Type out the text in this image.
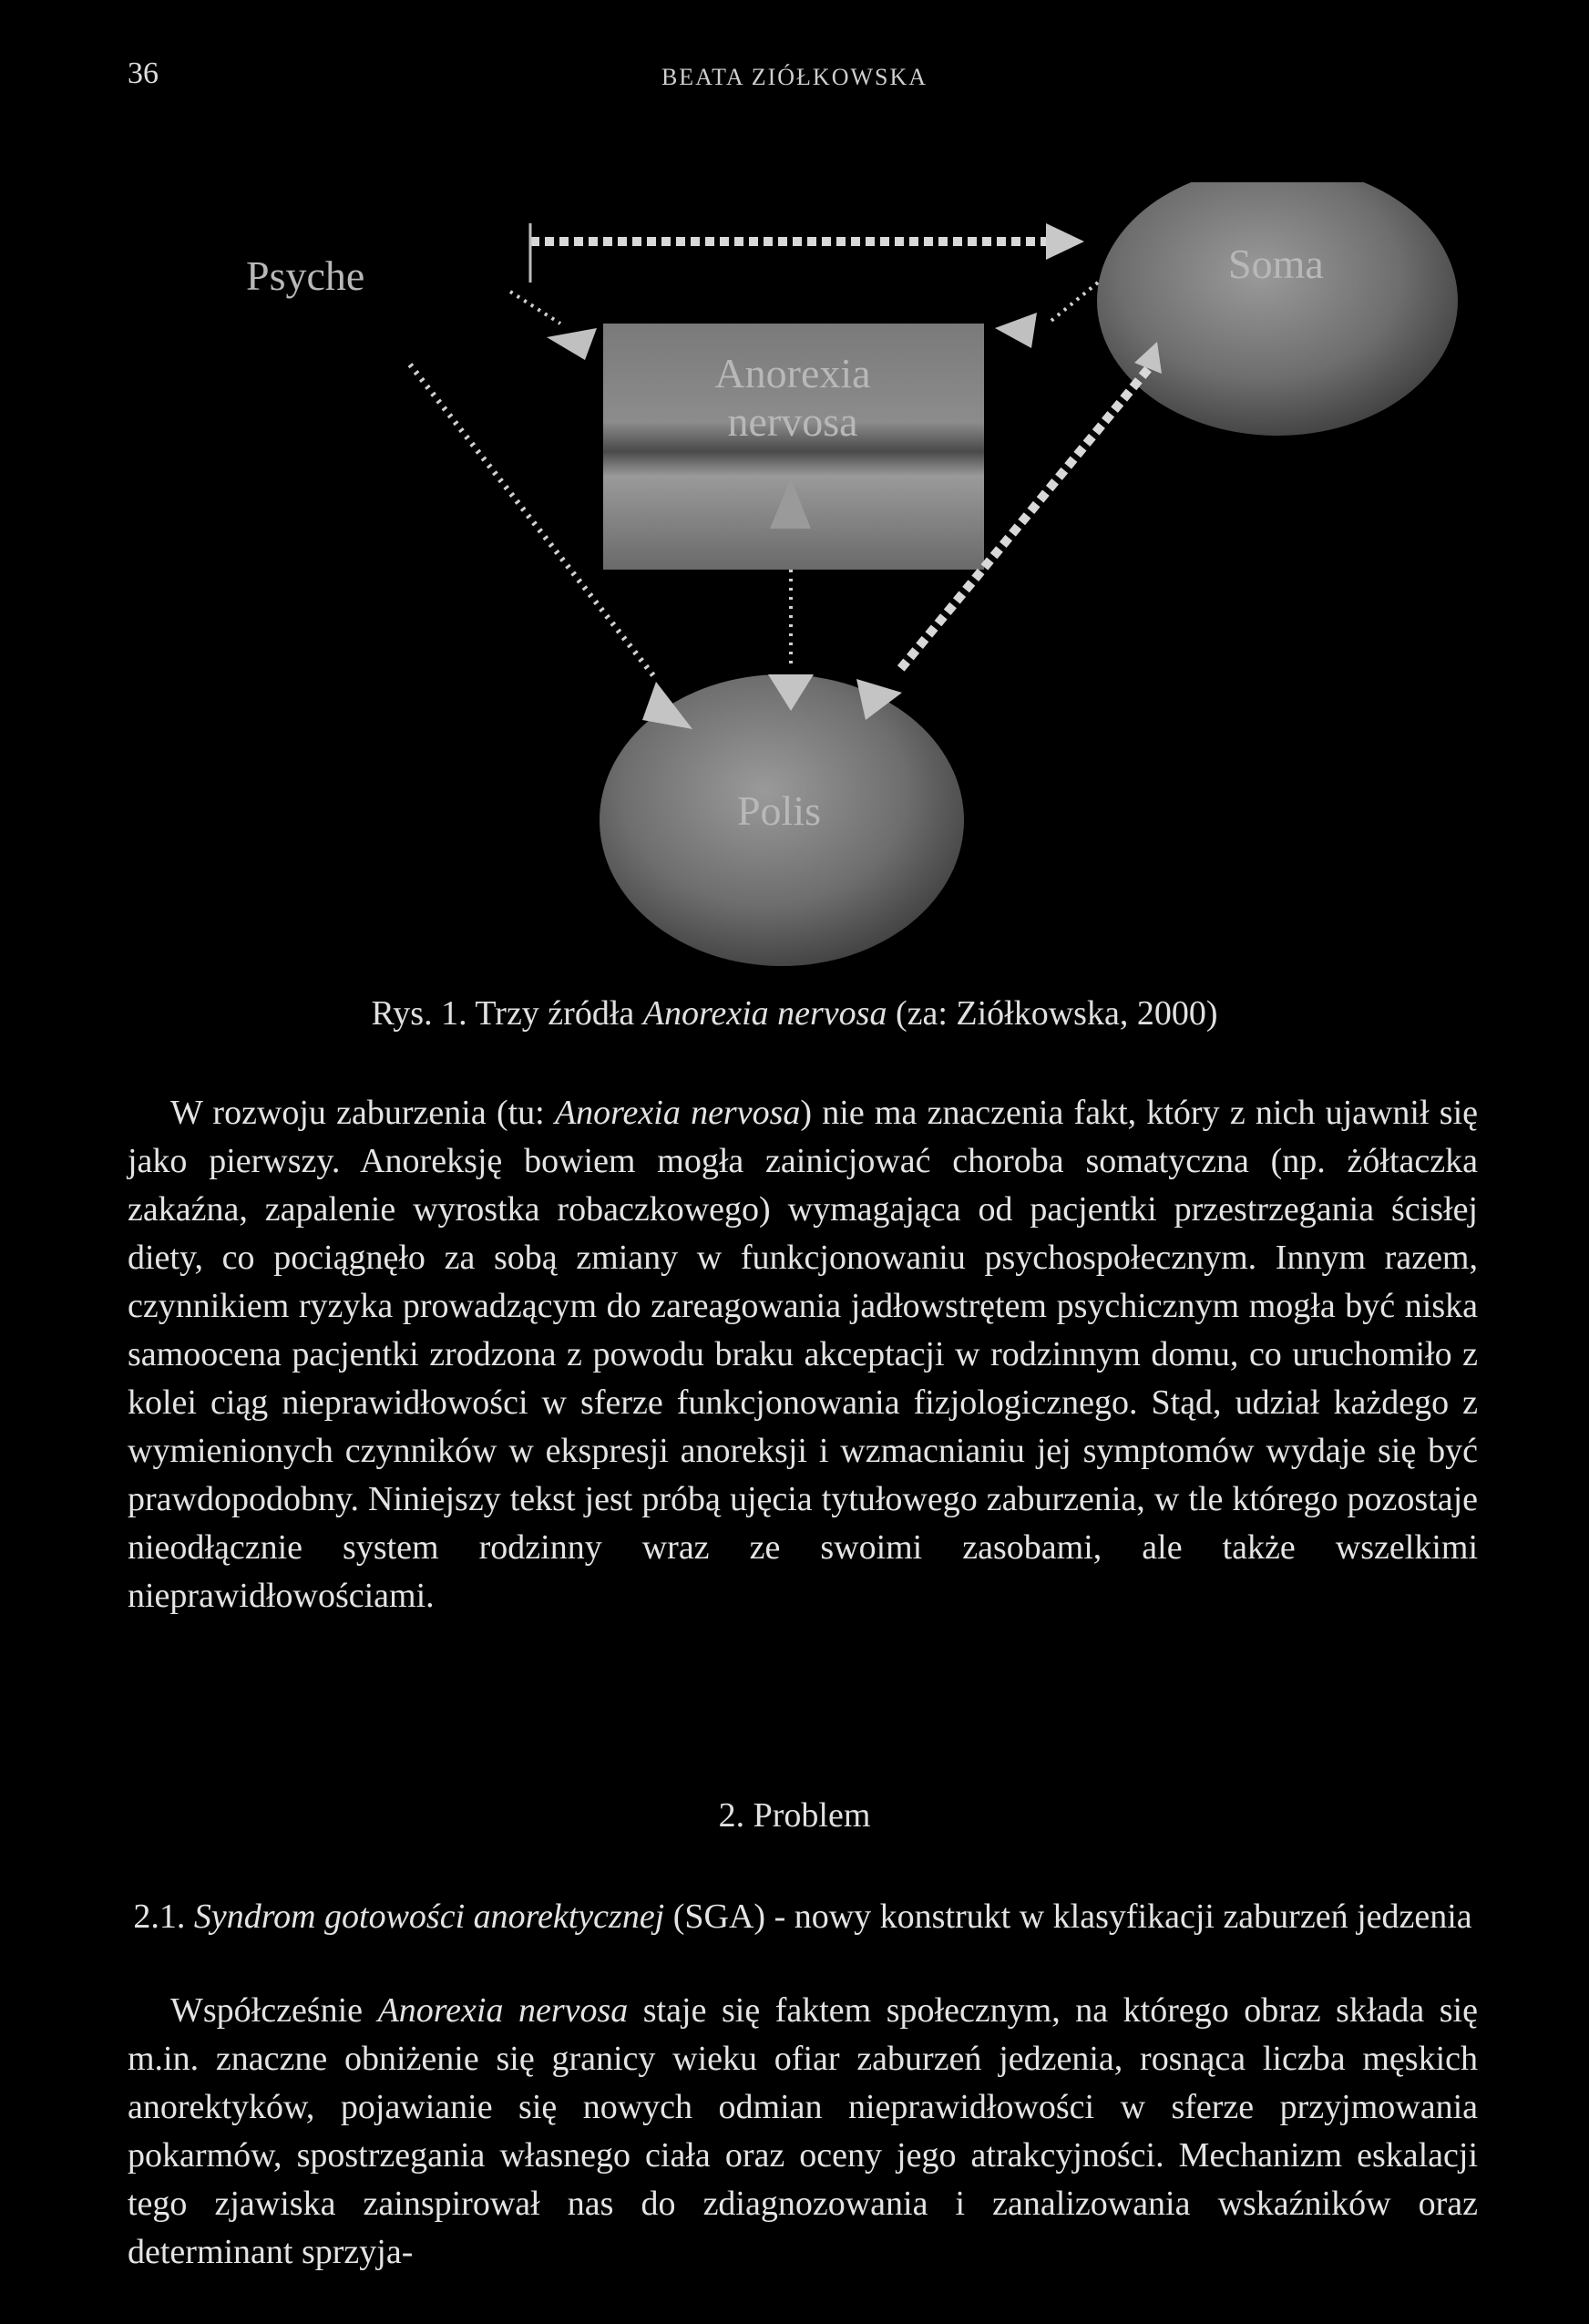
36	BEATA ZIÓŁKOWSKA
Psyche	Soma
Anorexia
nervosa
Polis
Rys. 1. Trzy źródła Anorexia nervosa (za: Ziółkowska, 2000)
W rozwoju zaburzenia (tu: Anorexia nervosa) nie ma znaczenia fakt, który z nich ujawnił się jako pierwszy. Anoreksję bowiem mogła zainicjować choroba somatyczna (np. żółtaczka zakaźna, zapalenie wyrostka robaczkowego) wymagająca od pacjentki przestrzegania ścisłej diety, co pociągnęło za sobą zmiany w funkcjonowaniu psychospołecznym. Innym razem, czynnikiem ryzyka prowadzącym do zareagowania jadłowstrętem psychicznym mogła być niska samoocena pacjentki zrodzona z powodu braku akceptacji w rodzinnym domu, co uruchomiło z kolei ciąg nieprawidłowości w sferze funkcjonowania fizjologicznego. Stąd, udział każdego z wymienionych czynników w ekspresji anoreksji i wzmacnianiu jej symptomów wydaje się być prawdopodobny. Niniejszy tekst jest próbą ujęcia tytułowego zaburzenia, w tle którego pozostaje nieodłącznie system rodzinny wraz ze swoimi zasobami, ale także wszelkimi nieprawidłowościami.
2. Problem
2.1. Syndrom gotowości anorektycznej (SGA) - nowy konstrukt w klasyfikacji zaburzeń jedzenia
Współcześnie Anorexia nervosa staje się faktem społecznym, na którego obraz składa się m.in. znaczne obniżenie się granicy wieku ofiar zaburzeń jedzenia, rosnąca liczba męskich anorektyków, pojawianie się nowych odmian nieprawidłowości w sferze przyjmowania pokarmów, spostrzegania własnego ciała oraz oceny jego atrakcyjności. Mechanizm eskalacji tego zjawiska zainspirował nas do zdiagnozowania i zanalizowania wskaźników oraz determinant sprzyja-
